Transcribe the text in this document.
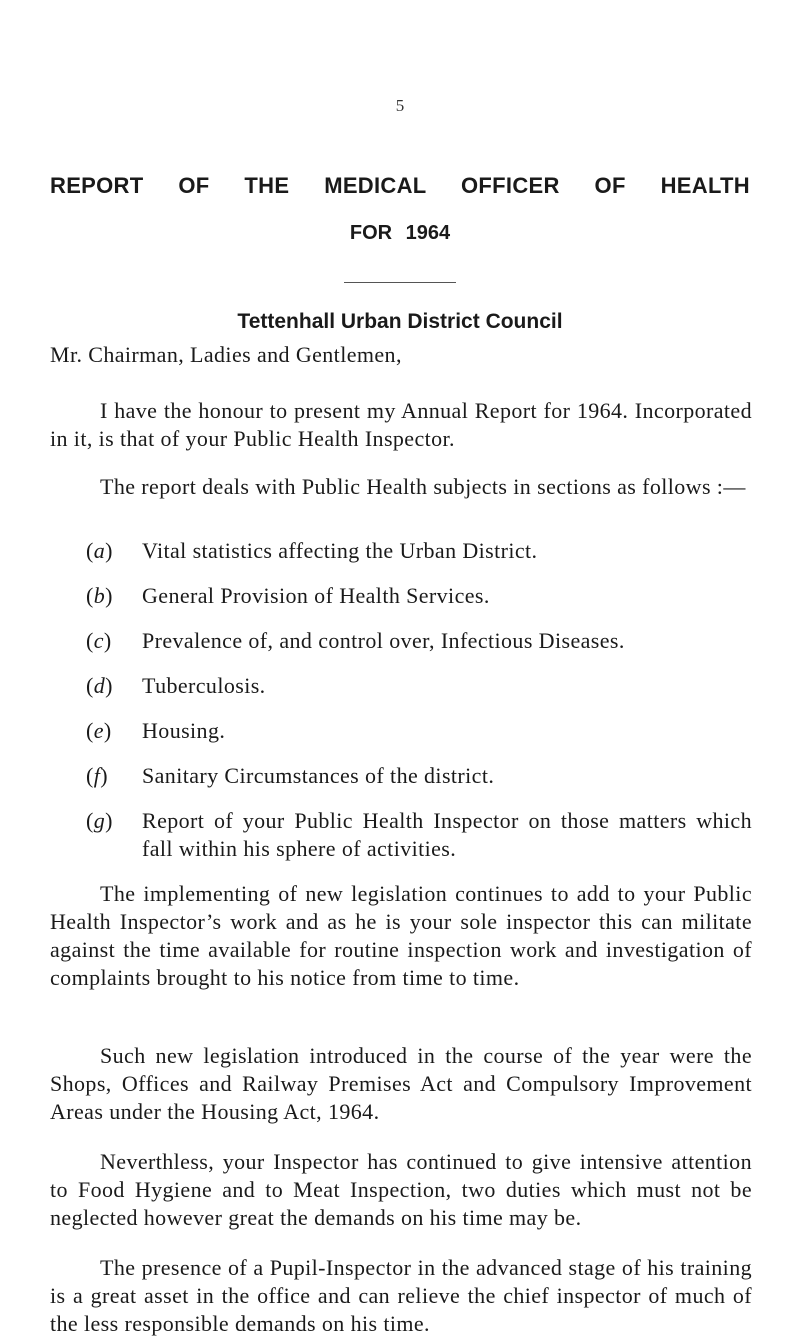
5
REPORT OF THE MEDICAL OFFICER OF HEALTH
FOR 1964
Tettenhall Urban District Council

Mr. Chairman, Ladies and Gentlemen,

I have the honour to present my Annual Report for 1964. Incorporated in it, is that of your Public Health Inspector.

The report deals with Public Health subjects in sections as follows :—

(a)	Vital statistics affecting the Urban District.
(b)	General Provision of Health Services.
(c)	Prevalence of, and control over, Infectious Diseases.
(d)	Tuberculosis.
(e)	Housing.
(f)	Sanitary Circumstances of the district.
(g)	Report of your Public Health Inspector on those matters which fall within his sphere of activities.

The implementing of new legislation continues to add to your Public Health Inspector’s work and as he is your sole inspector this can militate against the time available for routine inspection work and investigation of complaints brought to his notice from time to time.

Such new legislation introduced in the course of the year were the Shops, Offices and Railway Premises Act and Compulsory Improvement Areas under the Housing Act, 1964.

Neverthless, your Inspector has continued to give intensive attention to Food Hygiene and to Meat Inspection, two duties which must not be neglected however great the demands on his time may be.

The presence of a Pupil-Inspector in the advanced stage of his training is a great asset in the office and can relieve the chief inspector of much of the less responsible demands on his time.
